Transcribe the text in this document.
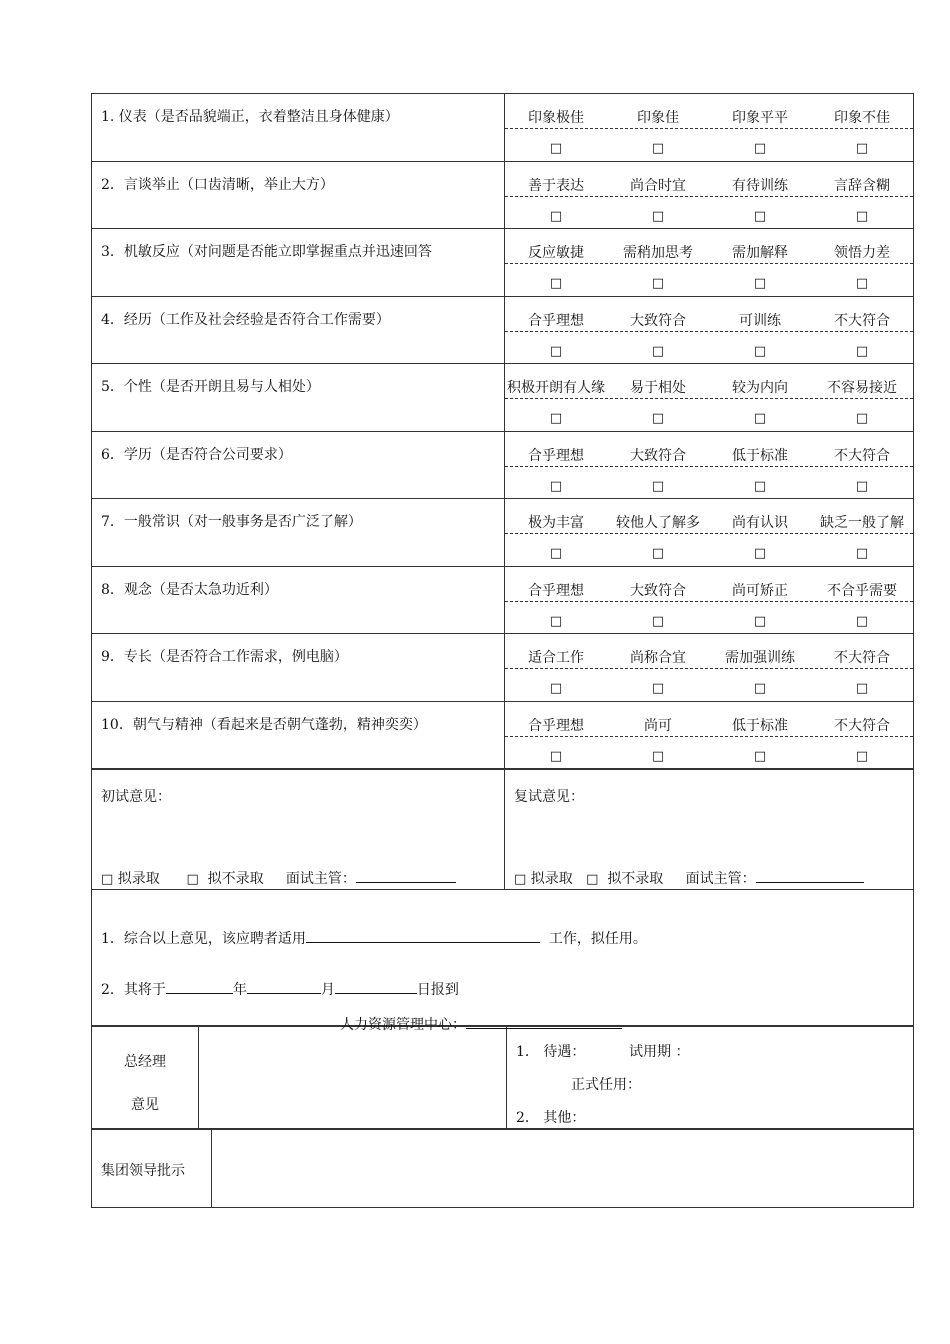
1. 仪表（是否品貌端正，衣着整洁且身体健康）	印象极佳	印象佳	印象平平	印象不佳
□	□	□	□
2．言谈举止（口齿清晰，举止大方）	善于表达	尚合时宜	有待训练	言辞含糊
□	□	□	□
3．机敏反应（对问题是否能立即掌握重点并迅速回答	反应敏捷	需稍加思考	需加解释	领悟力差
□	□	□	□
4．经历（工作及社会经验是否符合工作需要）	合乎理想	大致符合	可训练	不大符合
□	□	□	□
5．个性（是否开朗且易与人相处）	积极开朗有人缘	易于相处	较为内向	不容易接近
□	□	□	□
6．学历（是否符合公司要求）	合乎理想	大致符合	低于标准	不大符合
□	□	□	□
7．一般常识（对一般事务是否广泛了解）	极为丰富	较他人了解多	尚有认识	缺乏一般了解
□	□	□	□
8．观念（是否太急功近利）	合乎理想	大致符合	尚可矫正	不合乎需要
□	□	□	□
9．专长（是否符合工作需求，例电脑）	适合工作	尚称合宜	需加强训练	不大符合
□	□	□	□
10．朝气与精神（看起来是否朝气蓬勃，精神奕奕）	合乎理想	尚可	低于标准	不大符合
□	□	□	□
初试意见：
□ 拟录取 □ 拟不录取 面试主管：
复试意见：
□ 拟录取 □ 拟不录取 面试主管：
1．综合以上意见，该应聘者适用	工作，拟任用。
2．其将于	年	月	日报到
人力资源管理中心：
总经理
意见
1． 待遇：	试用期 ：
正式任用：
2． 其他：
集团领导批示
